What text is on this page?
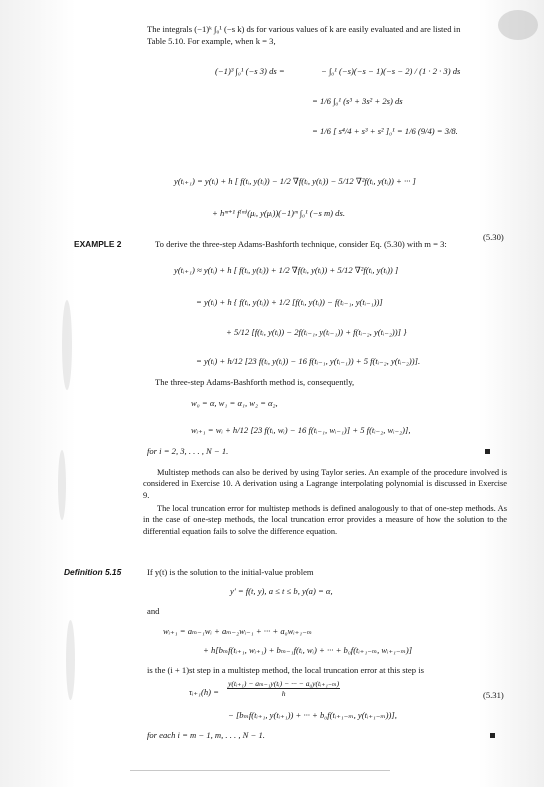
The integrals (−1)ᵏ ∫₀¹ (−s k) ds for various values of k are easily evaluated and are listed in
Table 5.10. For example, when k = 3,
(−1)³ ∫₀¹ (−s 3) ds =	− ∫₀¹ (−s)(−s − 1)(−s − 2) / (1 · 2 · 3) ds
= 1/6 ∫₀¹ (s³ + 3s² + 2s) ds
= 1/6 [ s⁴/4 + s³ + s² ]₀¹ = 1/6 (9/4) = 3/8.
y(tᵢ₊₁) = y(tᵢ) + h [ f(tᵢ, y(tᵢ)) − 1/2 ∇f(tᵢ, y(tᵢ)) − 5/12 ∇²f(tᵢ, y(tᵢ)) + ··· ]
+ hᵐ⁺¹ f⁽ᵐ⁾(μᵢ, y(μᵢ))(−1)ᵐ ∫₀¹ (−s m) ds.
(5.30)
EXAMPLE 2	To derive the three-step Adams-Bashforth technique, consider Eq. (5.30) with m = 3:
y(tᵢ₊₁) ≈ y(tᵢ) + h [ f(tᵢ, y(tᵢ)) + 1/2 ∇f(tᵢ, y(tᵢ)) + 5/12 ∇²f(tᵢ, y(tᵢ)) ]
= y(tᵢ) + h { f(tᵢ, y(tᵢ)) + 1/2 [f(tᵢ, y(tᵢ)) − f(tᵢ₋₁, y(tᵢ₋₁))]
+ 5/12 [f(tᵢ, y(tᵢ)) − 2f(tᵢ₋₁, y(tᵢ₋₁)) + f(tᵢ₋₂, y(tᵢ₋₂))] }
= y(tᵢ) + h/12 [23 f(tᵢ, y(tᵢ)) − 16 f(tᵢ₋₁, y(tᵢ₋₁)) + 5 f(tᵢ₋₂, y(tᵢ₋₂))].
The three-step Adams-Bashforth method is, consequently,
w₀ = α, w₁ = α₁, w₂ = α₂,
wᵢ₊₁ = wᵢ + h/12 [23 f(tᵢ, wᵢ) − 16 f(tᵢ₋₁, wᵢ₋₁)] + 5 f(tᵢ₋₂, wᵢ₋₂)],
for i = 2, 3, . . . , N − 1.
Multistep methods can also be derived by using Taylor series. An example of the procedure involved is considered in Exercise 10. A derivation using a Lagrange interpolating polynomial is discussed in Exercise 9.
The local truncation error for multistep methods is defined analogously to that of one-step methods. As in the case of one-step methods, the local truncation error provides a measure of how the solution to the differential equation fails to solve the difference equation.
Definition 5.15	If y(t) is the solution to the initial-value problem
y′ = f(t, y), a ≤ t ≤ b, y(a) = α,
and
wᵢ₊₁ = aₘ₋₁wᵢ + aₘ₋₂wᵢ₋₁ + ··· + a₀wᵢ₊₁₋ₘ
+ h[bₘf(tᵢ₊₁, wᵢ₊₁) + bₘ₋₁f(tᵢ, wᵢ) + ··· + b₀f(tᵢ₊₁₋ₘ, wᵢ₊₁₋ₘ)]
is the (i + 1)st step in a multistep method, the local truncation error at this step is
τᵢ₊₁(h) = $\frac{\text{y(tᵢ₊₁) − aₘ₋₁y(tᵢ) − ··· − a₀y(tᵢ₊₁₋ₘ)}}{h}$	(5.31)
− [bₘf(tᵢ₊₁, y(tᵢ₊₁)) + ··· + b₀f(tᵢ₊₁₋ₘ, y(tᵢ₊₁₋ₘ))],
for each i = m − 1, m, . . . , N − 1.
